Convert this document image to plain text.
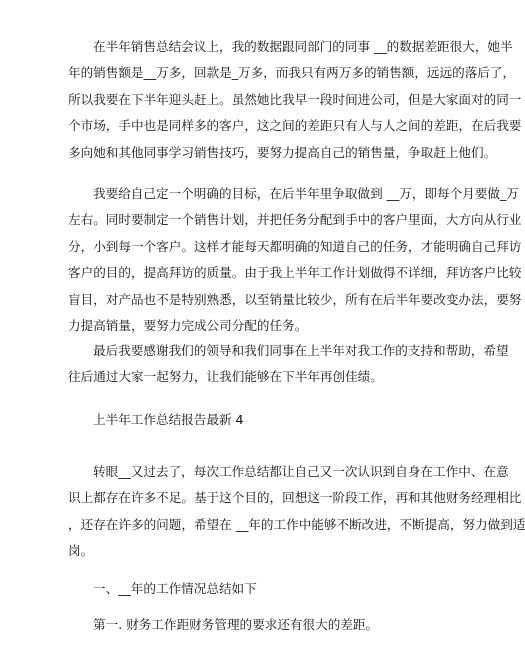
在半年销售总结会议上，我的数据跟同部门的同事 __的数据差距很大，她半
年的销售额是__万多，回款是_万多，而我只有两万多的销售额，远远的落后了，
所以我要在下半年迎头赶上。虽然她比我早一段时间进公司，但是大家面对的同一
个市场，手中也是同样多的客户，这之间的差距只有人与人之间的差距，在后我要
多向她和其他同事学习销售技巧，要努力提高自己的销售量，争取赶上他们。
我要给自己定一个明确的目标，在后半年里争取做到 __万，即每个月要做_万
左右。同时要制定一个销售计划，并把任务分配到手中的客户里面，大方向从行业
分，小到每一个客户。这样才能每天都明确的知道自己的任务，才能明确自己拜访
客户的目的，提高拜访的质量。由于我上半年工作计划做得不详细，拜访客户比较
盲目，对产品也不是特别熟悉，以至销量比较少，所有在后半年要改变办法，要努
力提高销量，要努力完成公司分配的任务。
最后我要感谢我们的领导和我们同事在上半年对我工作的支持和帮助，希望
往后通过大家一起努力，让我们能够在下半年再创佳绩。
上半年工作总结报告最新 4
转眼__又过去了，每次工作总结都让自己又一次认识到自身在工作中、在意
识上都存在许多不足。基于这个目的，回想这一阶段工作，再和其他财务经理相比
，还存在许多的问题，希望在 __年的工作中能够不断改进，不断提高，努力做到适
岗。
一、__年的工作情况总结如下
第一. 财务工作距财务管理的要求还有很大的差距。
